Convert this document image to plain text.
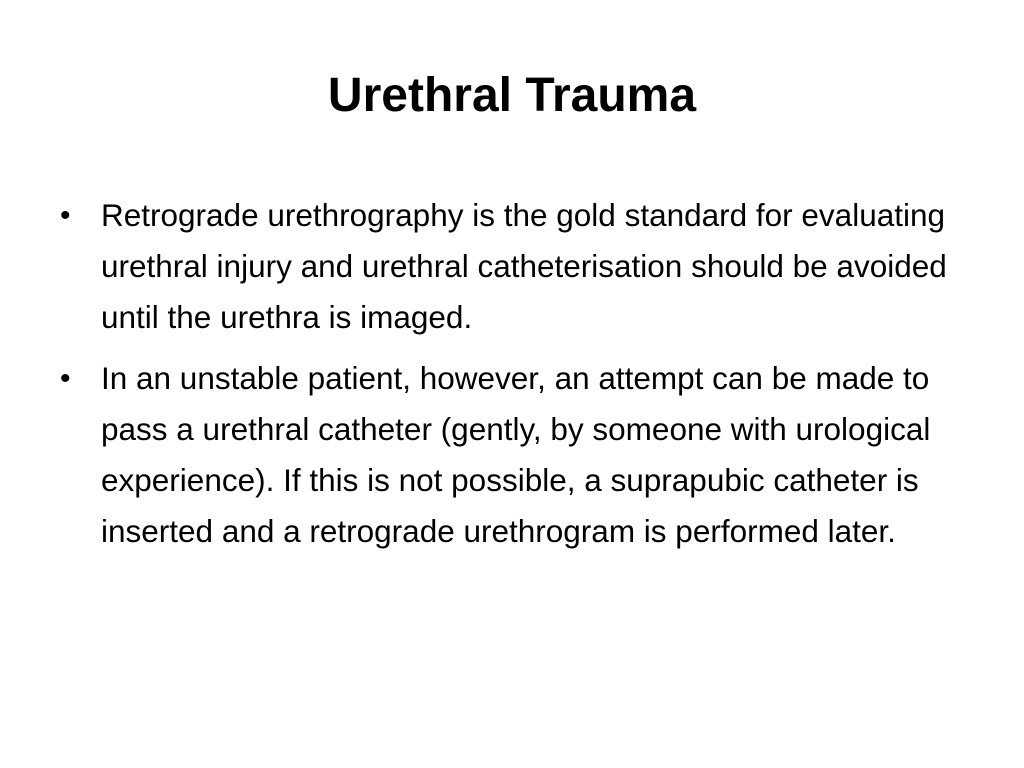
Urethral Trauma
• Retrograde urethrography is the gold standard for evaluating urethral injury and urethral catheterisation should be avoided until the urethra is imaged.
• In an unstable patient, however, an attempt can be made to pass a urethral catheter (gently, by someone with urological experience). If this is not possible, a suprapubic catheter is inserted and a retrograde urethrogram is performed later.
